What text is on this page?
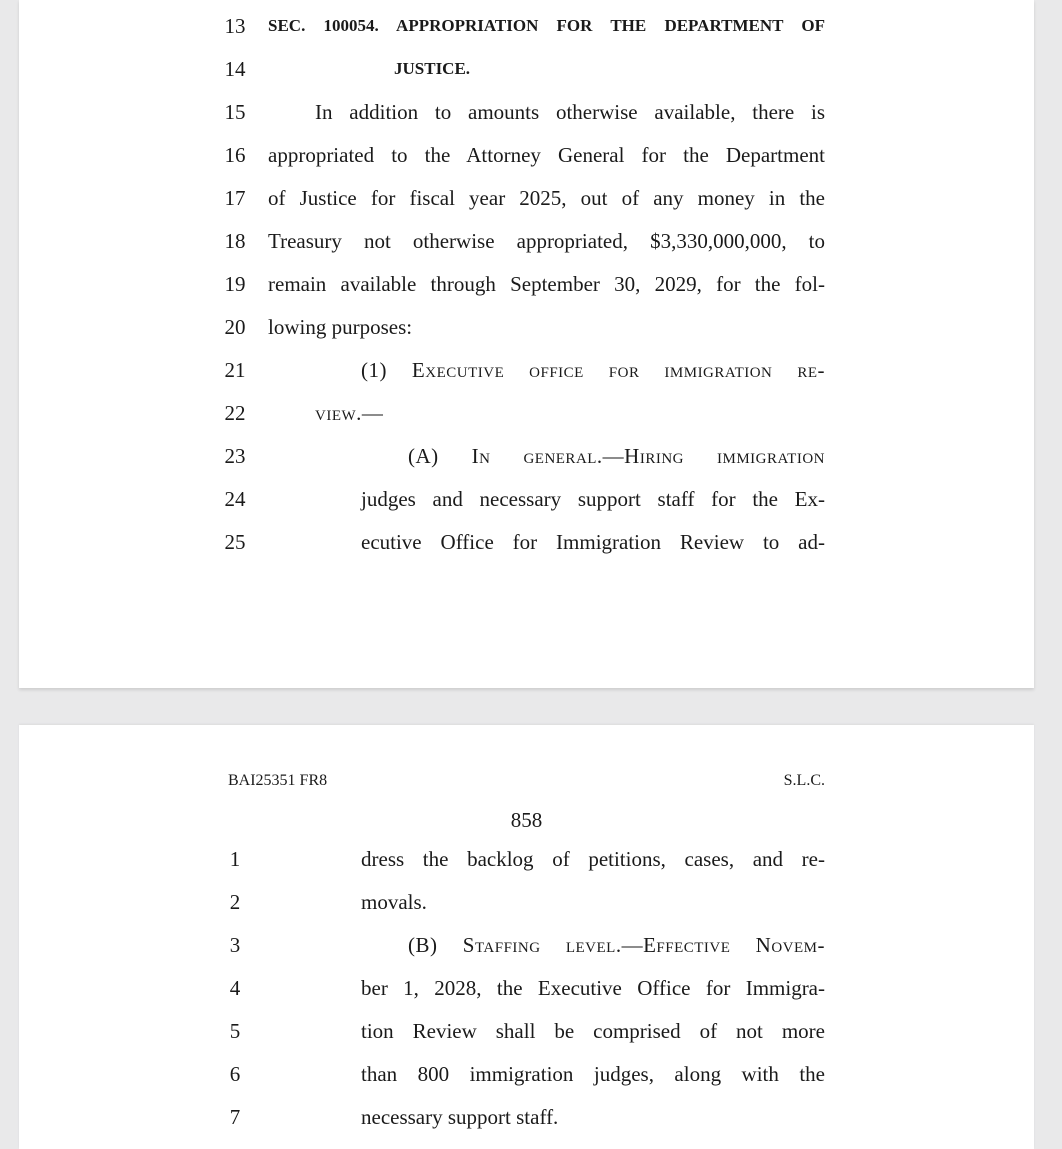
13	SEC. 100054. APPROPRIATION FOR THE DEPARTMENT OF
14	JUSTICE.
15	In addition to amounts otherwise available, there is
16	appropriated to the Attorney General for the Department
17	of Justice for fiscal year 2025, out of any money in the
18	Treasury not otherwise appropriated, $3,330,000,000, to
19	remain available through September 30, 2029, for the fol-
20	lowing purposes:
21	(1) Executive office for immigration re-
22	view.—
23	(A) In general.—Hiring immigration
24	judges and necessary support staff for the Ex-
25	ecutive Office for Immigration Review to ad-
BAI25351 FR8	S.L.C.
858
1	dress the backlog of petitions, cases, and re-
2	movals.
3	(B) Staffing level.—Effective Novem-
4	ber 1, 2028, the Executive Office for Immigra-
5	tion Review shall be comprised of not more
6	than 800 immigration judges, along with the
7	necessary support staff.
